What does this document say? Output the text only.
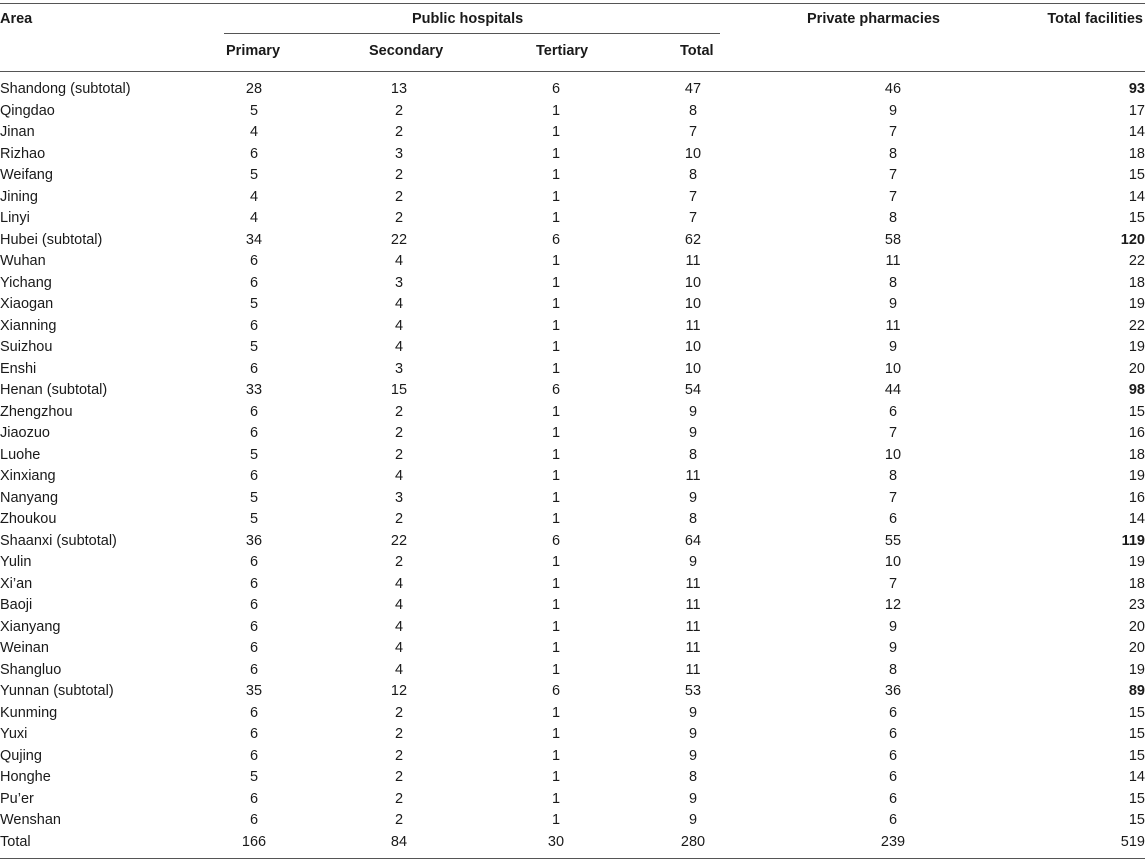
Area	Public hospitals	Private pharmacies	Total facilities
Primary	Secondary	Tertiary	Total
Shandong (subtotal)	28	13	6	47	46	93
Qingdao	5	2	1	8	9	17
Jinan	4	2	1	7	7	14
Rizhao	6	3	1	10	8	18
Weifang	5	2	1	8	7	15
Jining	4	2	1	7	7	14
Linyi	4	2	1	7	8	15
Hubei (subtotal)	34	22	6	62	58	120
Wuhan	6	4	1	11	11	22
Yichang	6	3	1	10	8	18
Xiaogan	5	4	1	10	9	19
Xianning	6	4	1	11	11	22
Suizhou	5	4	1	10	9	19
Enshi	6	3	1	10	10	20
Henan (subtotal)	33	15	6	54	44	98
Zhengzhou	6	2	1	9	6	15
Jiaozuo	6	2	1	9	7	16
Luohe	5	2	1	8	10	18
Xinxiang	6	4	1	11	8	19
Nanyang	5	3	1	9	7	16
Zhoukou	5	2	1	8	6	14
Shaanxi (subtotal)	36	22	6	64	55	119
Yulin	6	2	1	9	10	19
Xi’an	6	4	1	11	7	18
Baoji	6	4	1	11	12	23
Xianyang	6	4	1	11	9	20
Weinan	6	4	1	11	9	20
Shangluo	6	4	1	11	8	19
Yunnan (subtotal)	35	12	6	53	36	89
Kunming	6	2	1	9	6	15
Yuxi	6	2	1	9	6	15
Qujing	6	2	1	9	6	15
Honghe	5	2	1	8	6	14
Pu’er	6	2	1	9	6	15
Wenshan	6	2	1	9	6	15
Total	166	84	30	280	239	519
